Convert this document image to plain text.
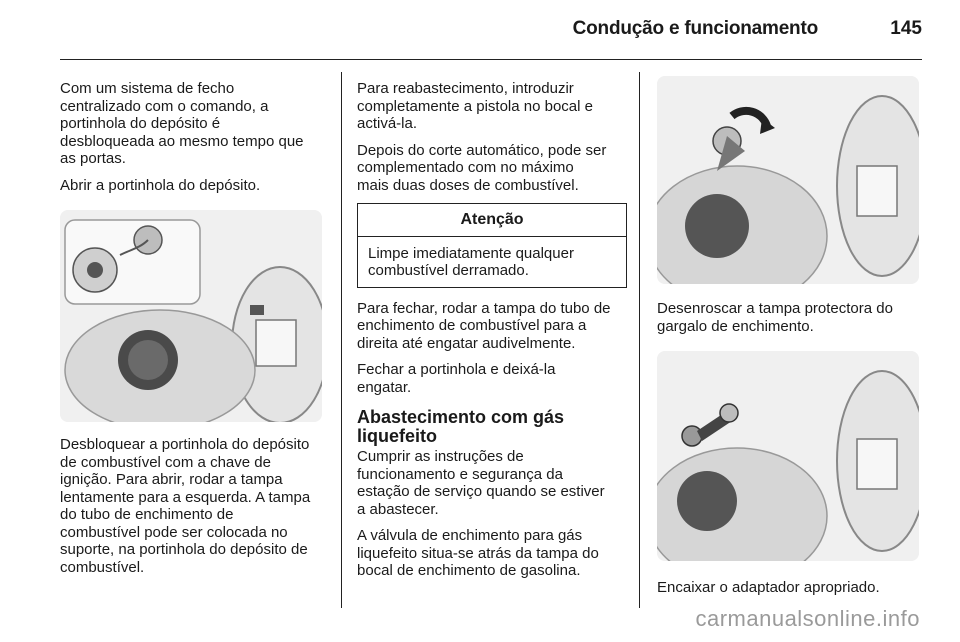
Condução e funcionamento	145

Com um sistema de fecho
centralizado com o comando, a
portinhola do depósito é
desbloqueada ao mesmo tempo que
as portas.

Abrir a portinhola do depósito.

Desbloquear a portinhola do depósito
de combustível com a chave de
ignição. Para abrir, rodar a tampa
lentamente para a esquerda. A tampa
do tubo de enchimento de
combustível pode ser colocada no
suporte, na portinhola do depósito de
combustível.

Para reabastecimento, introduzir
completamente a pistola no bocal e
activá-la.

Depois do corte automático, pode ser
complementado com no máximo
mais duas doses de combustível.

Atenção
Limpe imediatamente qualquer
combustível derramado.

Para fechar, rodar a tampa do tubo de
enchimento de combustível para a
direita até engatar audivelmente.

Fechar a portinhola e deixá-la
engatar.

Abastecimento com gás
liquefeito

Cumprir as instruções de
funcionamento e segurança da
estação de serviço quando se estiver
a abastecer.

A válvula de enchimento para gás
liquefeito situa-se atrás da tampa do
bocal de enchimento de gasolina.

Desenroscar a tampa protectora do
gargalo de enchimento.

Encaixar o adaptador apropriado.

carmanualsonline.info
